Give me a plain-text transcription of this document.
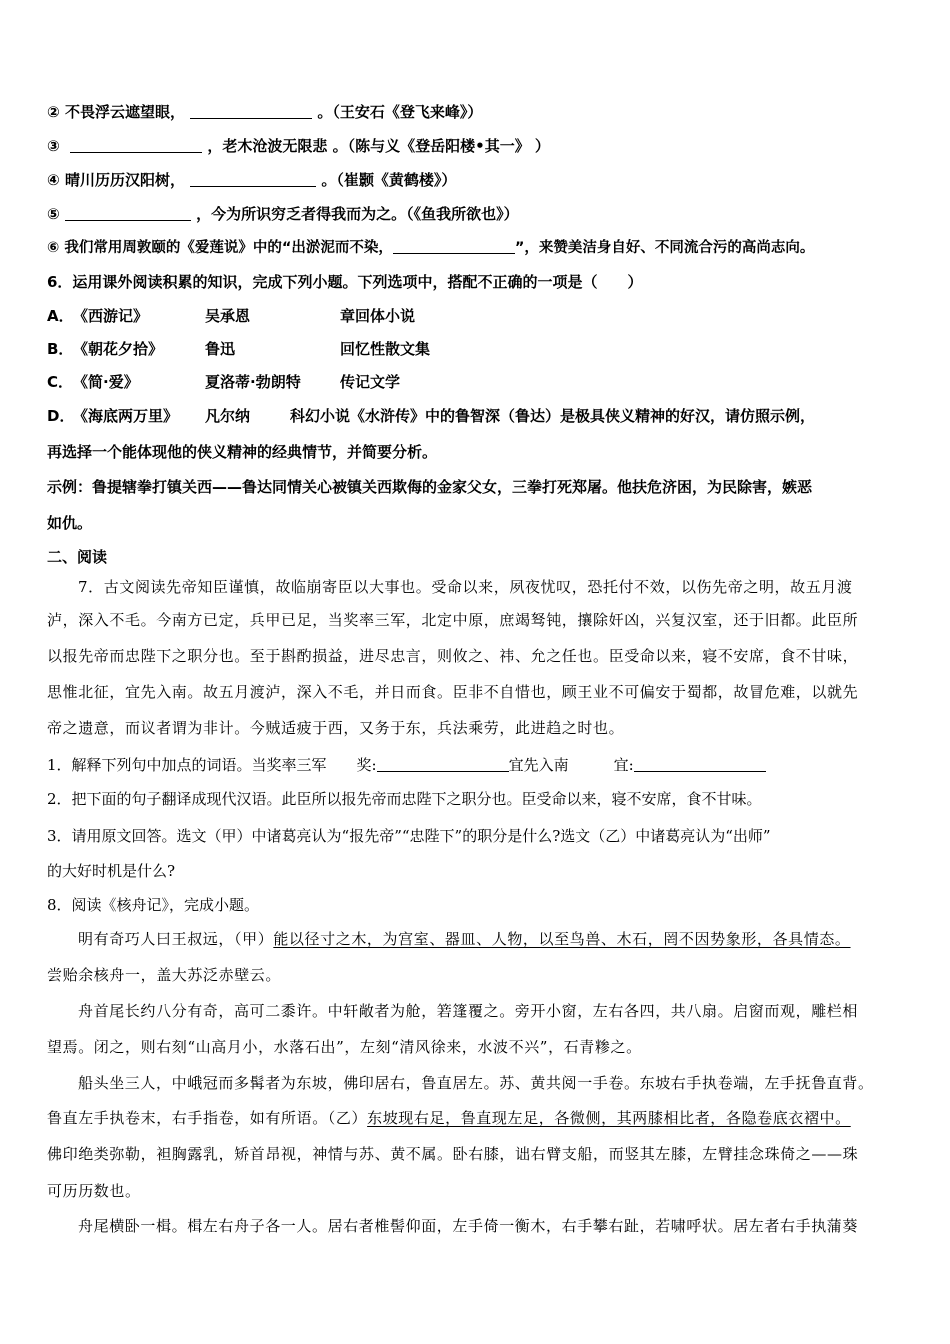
② 不畏浮云遮望眼，	。（王安石《登飞来峰》）
③	，老木沧波无限悲 。（陈与义《登岳阳楼•其一》 ）
④ 晴川历历汉阳树，	。（崔颢《黄鹤楼》）
⑤	，今为所识穷乏者得我而为之。（《鱼我所欲也》）
⑥ 我们常用周敦颐的《爱莲说》中的“出淤泥而不染，	”，来赞美洁身自好、不同流合污的高尚志向。
6．运用课外阅读积累的知识，完成下列小题。下列选项中，搭配不正确的一项是（　　）
A．《西游记》	吴承恩	章回体小说
B．《朝花夕拾》	鲁迅	回忆性散文集
C．《简·爱》	夏洛蒂·勃朗特	传记文学
D．《海底两万里》 凡尔纳	科幻小说《水浒传》中的鲁智深（鲁达）是极具侠义精神的好汉，请仿照示例，
再选择一个能体现他的侠义精神的经典情节，并简要分析。
示例：鲁提辖拳打镇关西——鲁达同情关心被镇关西欺侮的金家父女，三拳打死郑屠。他扶危济困，为民除害，嫉恶
如仇。
二、阅读
7．古文阅读先帝知臣谨慎，故临崩寄臣以大事也。受命以来，夙夜忧叹，恐托付不效，以伤先帝之明，故五月渡
泸，深入不毛。今南方已定，兵甲已足，当奖率三军，北定中原，庶竭驽钝，攘除奸凶，兴复汉室，还于旧都。此臣所
以报先帝而忠陛下之职分也。至于斟酌损益，进尽忠言，则攸之、祎、允之任也。臣受命以来，寝不安席，食不甘味，
思惟北征，宜先入南。故五月渡泸，深入不毛，并日而食。臣非不自惜也，顾王业不可偏安于蜀都，故冒危难，以就先
帝之遗意，而议者谓为非计。今贼适疲于西，又务于东，兵法乘劳，此进趋之时也。
1．解释下列句中加点的词语。当奖率三军　　奖:	宜先入南　　　宜:
2．把下面的句子翻译成现代汉语。此臣所以报先帝而忠陛下之职分也。臣受命以来，寝不安席，食不甘味。
3．请用原文回答。选文（甲）中诸葛亮认为“报先帝”“忠陛下”的职分是什么?选文（乙）中诸葛亮认为“出师”
的大好时机是什么?
8．阅读《核舟记》，完成小题。
明有奇巧人曰王叔远，（甲）能以径寸之木，为宫室、器皿、人物，以至鸟兽、木石，罔不因势象形，各具情态。
尝贻余核舟一，盖大苏泛赤壁云。
舟首尾长约八分有奇，高可二黍许。中轩敞者为舱，箬篷覆之。旁开小窗，左右各四，共八扇。启窗而观，雕栏相
望焉。闭之，则右刻“山高月小，水落石出”，左刻“清风徐来，水波不兴”，石青糁之。
船头坐三人，中峨冠而多髯者为东坡，佛印居右，鲁直居左。苏、黄共阅一手卷。东坡右手执卷端，左手抚鲁直背。
鲁直左手执卷末，右手指卷，如有所语。（乙）东坡现右足，鲁直现左足，各微侧，其两膝相比者，各隐卷底衣褶中。
佛印绝类弥勒，袒胸露乳，矫首昂视，神情与苏、黄不属。卧右膝，诎右臂支船，而竖其左膝，左臂挂念珠倚之——珠
可历历数也。
舟尾横卧一楫。楫左右舟子各一人。居右者椎髻仰面，左手倚一衡木，右手攀右趾，若啸呼状。居左者右手执蒲葵
